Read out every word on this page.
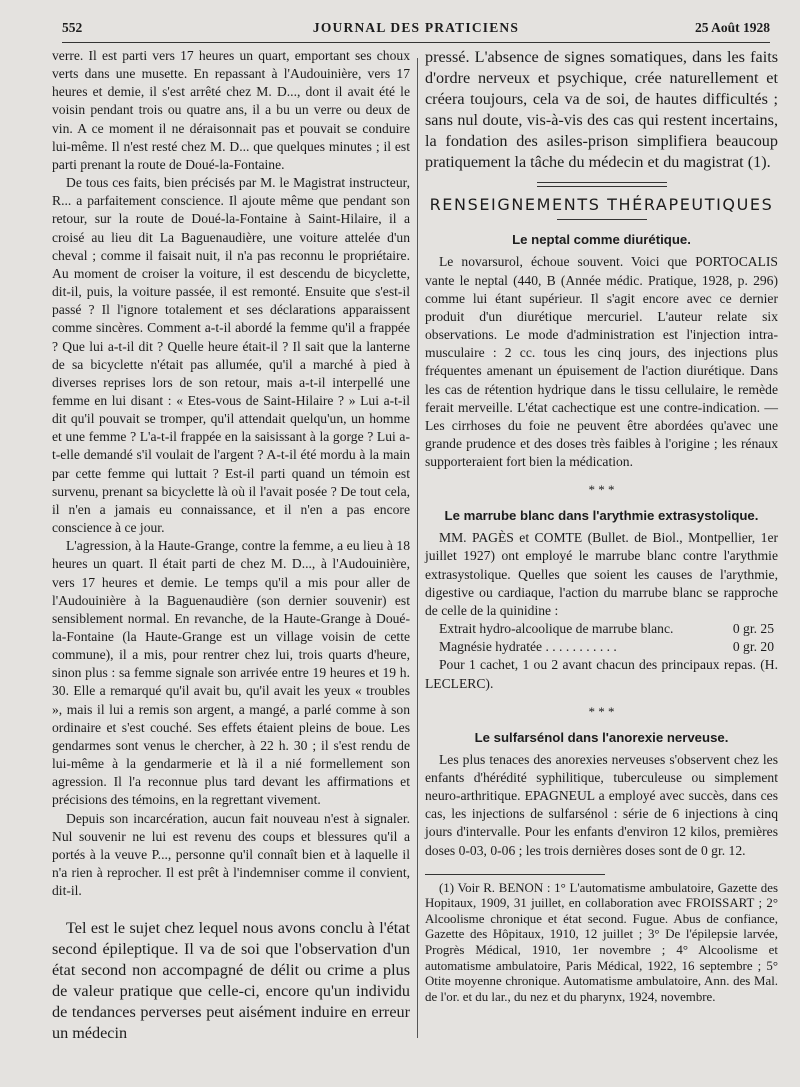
552	JOURNAL DES PRATICIENS	25 Août 1928

verre. Il est parti vers 17 heures un quart, emportant ses choux verts dans une musette. En repassant à l'Audouinière, vers 17 heures et demie, il s'est arrêté chez M. D..., dont il avait été le voisin pendant trois ou quatre ans, il a bu un verre ou deux de vin. A ce moment il ne déraisonnait pas et pouvait se conduire lui-même. Il n'est resté chez M. D... que quelques minutes ; il est parti prenant la route de Doué-la-Fontaine.

De tous ces faits, bien précisés par M. le Magistrat instructeur, R... a parfaitement conscience. Il ajoute même que pendant son retour, sur la route de Doué-la-Fontaine à Saint-Hilaire, il a croisé au lieu dit La Baguenaudière, une voiture attelée d'un cheval ; comme il faisait nuit, il n'a pas reconnu le propriétaire. Au moment de croiser la voiture, il est descendu de bicyclette, dit-il, puis, la voiture passée, il est remonté. Ensuite que s'est-il passé ? Il l'ignore totalement et ses déclarations apparaissent comme sincères. Comment a-t-il abordé la femme qu'il a frappée ? Que lui a-t-il dit ? Quelle heure était-il ? Il sait que la lanterne de sa bicyclette n'était pas allumée, qu'il a marché à pied à diverses reprises lors de son retour, mais a-t-il interpellé une femme en lui disant : « Etes-vous de Saint-Hilaire ? » Lui a-t-il dit qu'il pouvait se tromper, qu'il attendait quelqu'un, un homme et une femme ? L'a-t-il frappée en la saisissant à la gorge ? Lui a-t-elle demandé s'il voulait de l'argent ? A-t-il été mordu à la main par cette femme qui luttait ? Est-il parti quand un témoin est survenu, prenant sa bicyclette là où il l'avait posée ? De tout cela, il n'en a jamais eu connaissance, et il n'en a pas encore conscience à ce jour.

L'agression, à la Haute-Grange, contre la femme, a eu lieu à 18 heures un quart. Il était parti de chez M. D..., à l'Audouinière, vers 17 heures et demie. Le temps qu'il a mis pour aller de l'Audouinière à la Baguenaudière (son dernier souvenir) est sensiblement normal. En revanche, de la Haute-Grange à Doué-la-Fontaine (la Haute-Grange est un village voisin de cette commune), il a mis, pour rentrer chez lui, trois quarts d'heure, sinon plus : sa femme signale son arrivée entre 19 heures et 19 h. 30. Elle a remarqué qu'il avait bu, qu'il avait les yeux « troubles », mais il lui a remis son argent, a mangé, a parlé comme à son ordinaire et s'est couché. Ses effets étaient pleins de boue. Les gendarmes sont venus le chercher, à 22 h. 30 ; il s'est rendu de lui-même à la gendarmerie et là il a nié formellement son agression. Il l'a reconnue plus tard devant les affirmations et précisions des témoins, en la regrettant vivement.

Depuis son incarcération, aucun fait nouveau n'est à signaler. Nul souvenir ne lui est revenu des coups et blessures qu'il a portés à la veuve P..., personne qu'il connaît bien et à laquelle il n'a rien à reprocher. Il est prêt à l'indemniser comme il convient, dit-il.

Tel est le sujet chez lequel nous avons conclu à l'état second épileptique. Il va de soi que l'observation d'un état second non accompagné de délit ou crime a plus de valeur pratique que celle-ci, encore qu'un individu de tendances perverses peut aisément induire en erreur un médecin

pressé. L'absence de signes somatiques, dans les faits d'ordre nerveux et psychique, crée naturellement et créera toujours, cela va de soi, de hautes difficultés ; sans nul doute, vis-à-vis des cas qui restent incertains, la fondation des asiles-prison simplifiera beaucoup pratiquement la tâche du médecin et du magistrat (1).

RENSEIGNEMENTS THÉRAPEUTIQUES
Le neptal comme diurétique.

Le novarsurol, échoue souvent. Voici que PORTOCALIS vante le neptal (440, B (Année médic. Pratique, 1928, p. 296) comme lui étant supérieur. Il s'agit encore avec ce dernier produit d'un diurétique mercuriel. L'auteur relate six observations. Le mode d'administration est l'injection intra-musculaire : 2 cc. tous les cinq jours, des injections plus fréquentes amenant un épuisement de l'action diurétique. Dans les cas de rétention hydrique dans le tissu cellulaire, le remède ferait merveille. L'état cachectique est une contre-indication. — Les cirrhoses du foie ne peuvent être abordées qu'avec une grande prudence et des doses très faibles à l'origine ; les rénaux supporteraient fort bien la médication.

* * *
Le marrube blanc dans l'arythmie extrasystolique.

MM. PAGÈS et COMTE (Bullet. de Biol., Montpellier, 1er juillet 1927) ont employé le marrube blanc contre l'arythmie extrasystolique. Quelles que soient les causes de l'arythmie, digestive ou cardiaque, l'action du marrube blanc se rapproche de celle de la quinidine :

Extrait hydro-alcoolique de marrube blanc.	0 gr. 25
Magnésie hydratée . . . . . . . . . . .	0 gr. 20

Pour 1 cachet, 1 ou 2 avant chacun des principaux repas. (H. LECLERC).

* * *
Le sulfarsénol dans l'anorexie nerveuse.

Les plus tenaces des anorexies nerveuses s'observent chez les enfants d'hérédité syphilitique, tuberculeuse ou simplement neuro-arthritique. EPAGNEUL a employé avec succès, dans ces cas, les injections de sulfarsénol : série de 6 injections à cinq jours d'intervalle. Pour les enfants d'environ 12 kilos, premières doses 0-03, 0-06 ; les trois dernières doses sont de 0 gr. 12.

(1) Voir R. BENON : 1° L'automatisme ambulatoire, Gazette des Hopitaux, 1909, 31 juillet, en collaboration avec FROISSART ; 2° Alcoolisme chronique et état second. Fugue. Abus de confiance, Gazette des Hôpitaux, 1910, 12 juillet ; 3° De l'épilepsie larvée, Progrès Médical, 1910, 1er novembre ; 4° Alcoolisme et automatisme ambulatoire, Paris Médical, 1922, 16 septembre ; 5° Otite moyenne chronique. Automatisme ambulatoire, Ann. des Mal. de l'or. et du lar., du nez et du pharynx, 1924, novembre.
